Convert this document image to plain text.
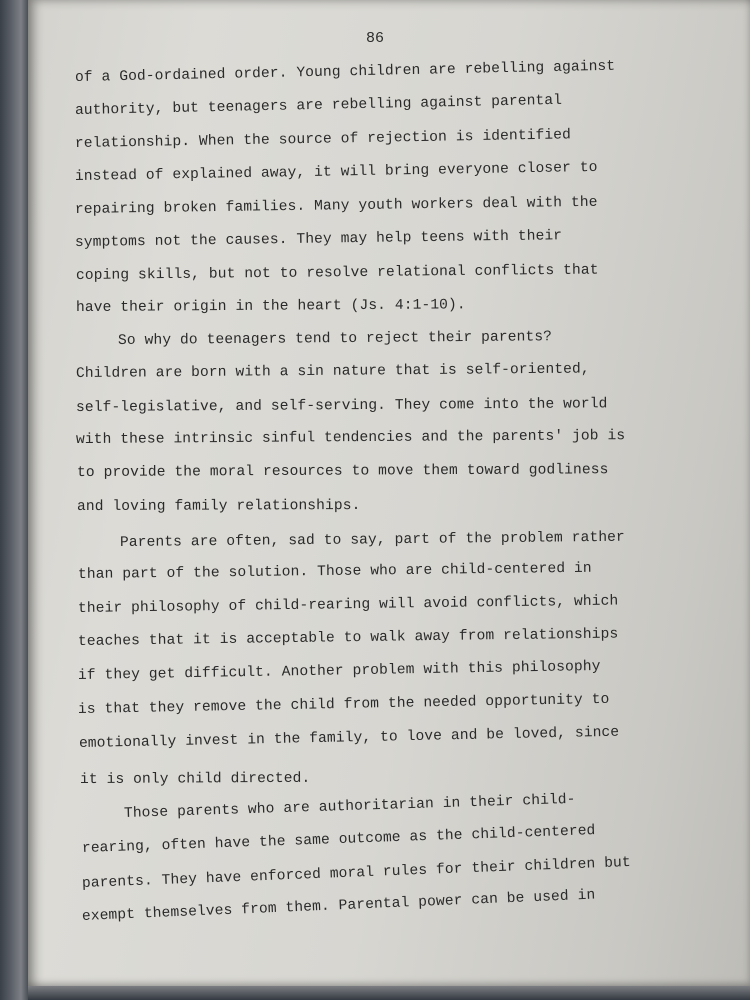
86
of a God-ordained order. Young children are rebelling against
authority, but teenagers are rebelling against parental
relationship. When the source of rejection is identified
instead of explained away, it will bring everyone closer to
repairing broken families. Many youth workers deal with the
symptoms not the causes. They may help teens with their
coping skills, but not to resolve relational conflicts that
have their origin in the heart (Js. 4:1-10).
So why do teenagers tend to reject their parents?
Children are born with a sin nature that is self-oriented,
self-legislative, and self-serving. They come into the world
with these intrinsic sinful tendencies and the parents' job is
to provide the moral resources to move them toward godliness
and loving family relationships.
Parents are often, sad to say, part of the problem rather
than part of the solution. Those who are child-centered in
their philosophy of child-rearing will avoid conflicts, which
teaches that it is acceptable to walk away from relationships
if they get difficult. Another problem with this philosophy
is that they remove the child from the needed opportunity to
emotionally invest in the family, to love and be loved, since
it is only child directed.
Those parents who are authoritarian in their child-
rearing, often have the same outcome as the child-centered
parents. They have enforced moral rules for their children but
exempt themselves from them. Parental power can be used in
